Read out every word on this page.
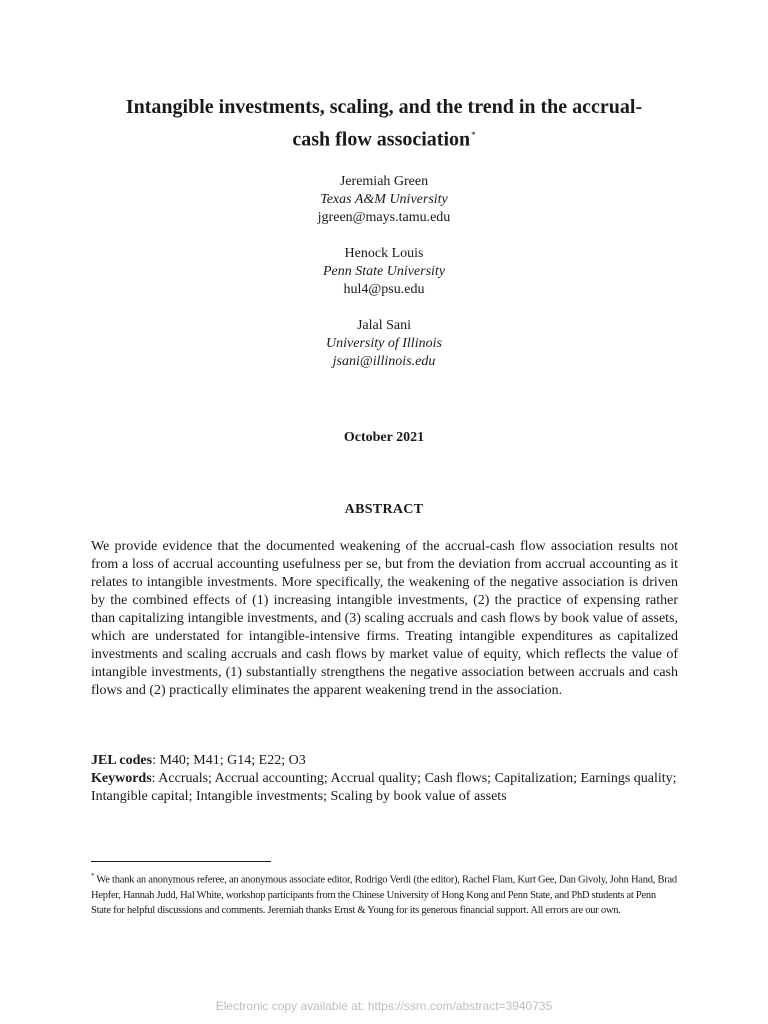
Intangible investments, scaling, and the trend in the accrual-
cash flow association*
Jeremiah Green
Texas A&M University
jgreen@mays.tamu.edu
Henock Louis
Penn State University
hul4@psu.edu
Jalal Sani
University of Illinois
jsani@illinois.edu
October 2021
ABSTRACT
We provide evidence that the documented weakening of the accrual-cash flow association results not from a loss of accrual accounting usefulness per se, but from the deviation from accrual accounting as it relates to intangible investments. More specifically, the weakening of the negative association is driven by the combined effects of (1) increasing intangible investments, (2) the practice of expensing rather than capitalizing intangible investments, and (3) scaling accruals and cash flows by book value of assets, which are understated for intangible-intensive firms. Treating intangible expenditures as capitalized investments and scaling accruals and cash flows by market value of equity, which reflects the value of intangible investments, (1) substantially strengthens the negative association between accruals and cash flows and (2) practically eliminates the apparent weakening trend in the association.
JEL codes: M40; M41; G14; E22; O3
Keywords: Accruals; Accrual accounting; Accrual quality; Cash flows; Capitalization; Earnings quality; Intangible capital; Intangible investments; Scaling by book value of assets
* We thank an anonymous referee, an anonymous associate editor, Rodrigo Verdi (the editor), Rachel Flam, Kurt Gee, Dan Givoly, John Hand, Brad Hepfer, Hannah Judd, Hal White, workshop participants from the Chinese University of Hong Kong and Penn State, and PhD students at Penn State for helpful discussions and comments. Jeremiah thanks Ernst & Young for its generous financial support. All errors are our own.
Electronic copy available at: https://ssrn.com/abstract=3940735
